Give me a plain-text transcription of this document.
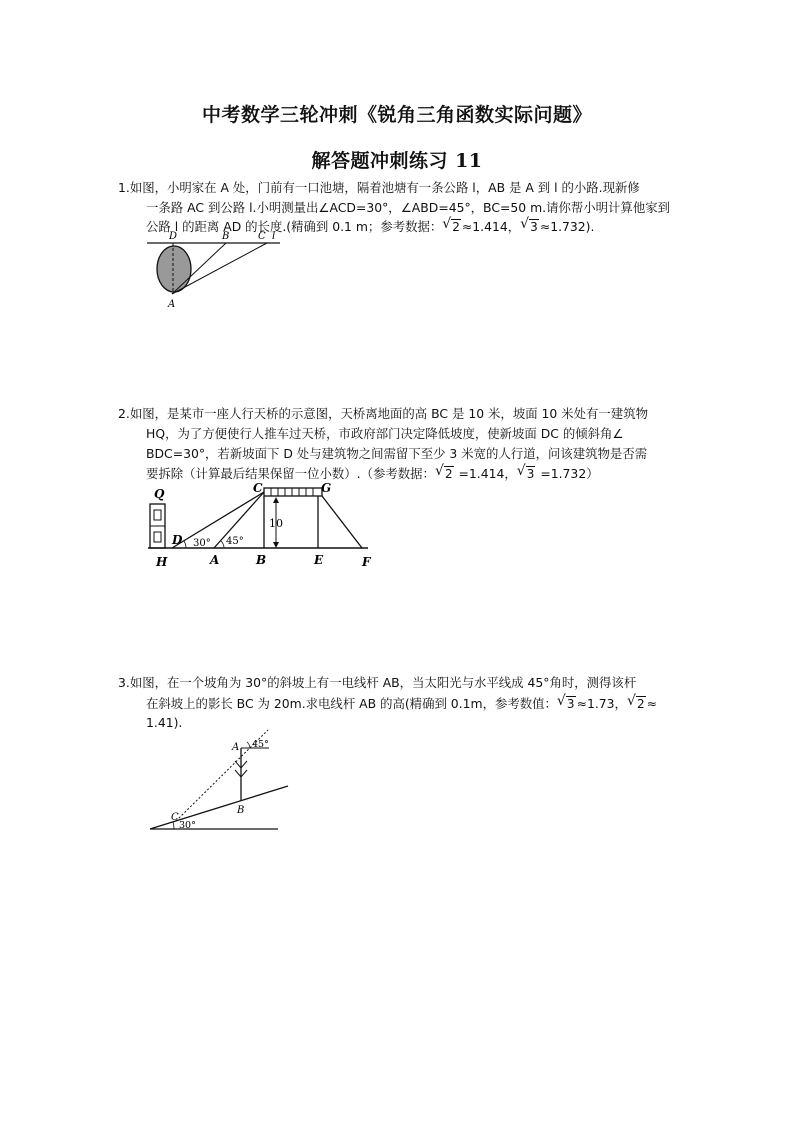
中考数学三轮冲刺《锐角三角函数实际问题》
解答题冲刺练习 11
1.如图，小明家在 A 处，门前有一口池塘，隔着池塘有一条公路 l，AB 是 A 到 l 的小路.现新修
一条路 AC 到公路 l.小明测量出∠ACD=30°，∠ABD=45°，BC=50 m.请你帮小明计算他家到
公路 l 的距离 AD 的长度.(精确到 0.1 m；参考数据： √ 2 ≈1.414， √ 3 ≈1.732).
D	B	C l
A
2.如图，是某市一座人行天桥的示意图，天桥离地面的高 BC 是 10 米，坡面 10 米处有一建筑物
HQ，为了方便使行人推车过天桥，市政府部门决定降低坡度，使新坡面 DC 的倾斜角∠
BDC=30°，若新坡面下 D 处与建筑物之间需留下至少 3 米宽的人行道，问该建筑物是否需
要拆除（计算最后结果保留一位小数）.（参考数据： √ 2 =1.414， √ 3 =1.732）
10
30° 45°
Q	C	G
D
H	A	B	E	F
3.如图，在一个坡角为 30°的斜坡上有一电线杆 AB，当太阳光与水平线成 45°角时，测得该杆
在斜坡上的影长 BC 为 20m.求电线杆 AB 的高(精确到 0.1m，参考数值： √ 3 ≈1.73， √ 2 ≈
1.41).
45°
30°
A
B
C
